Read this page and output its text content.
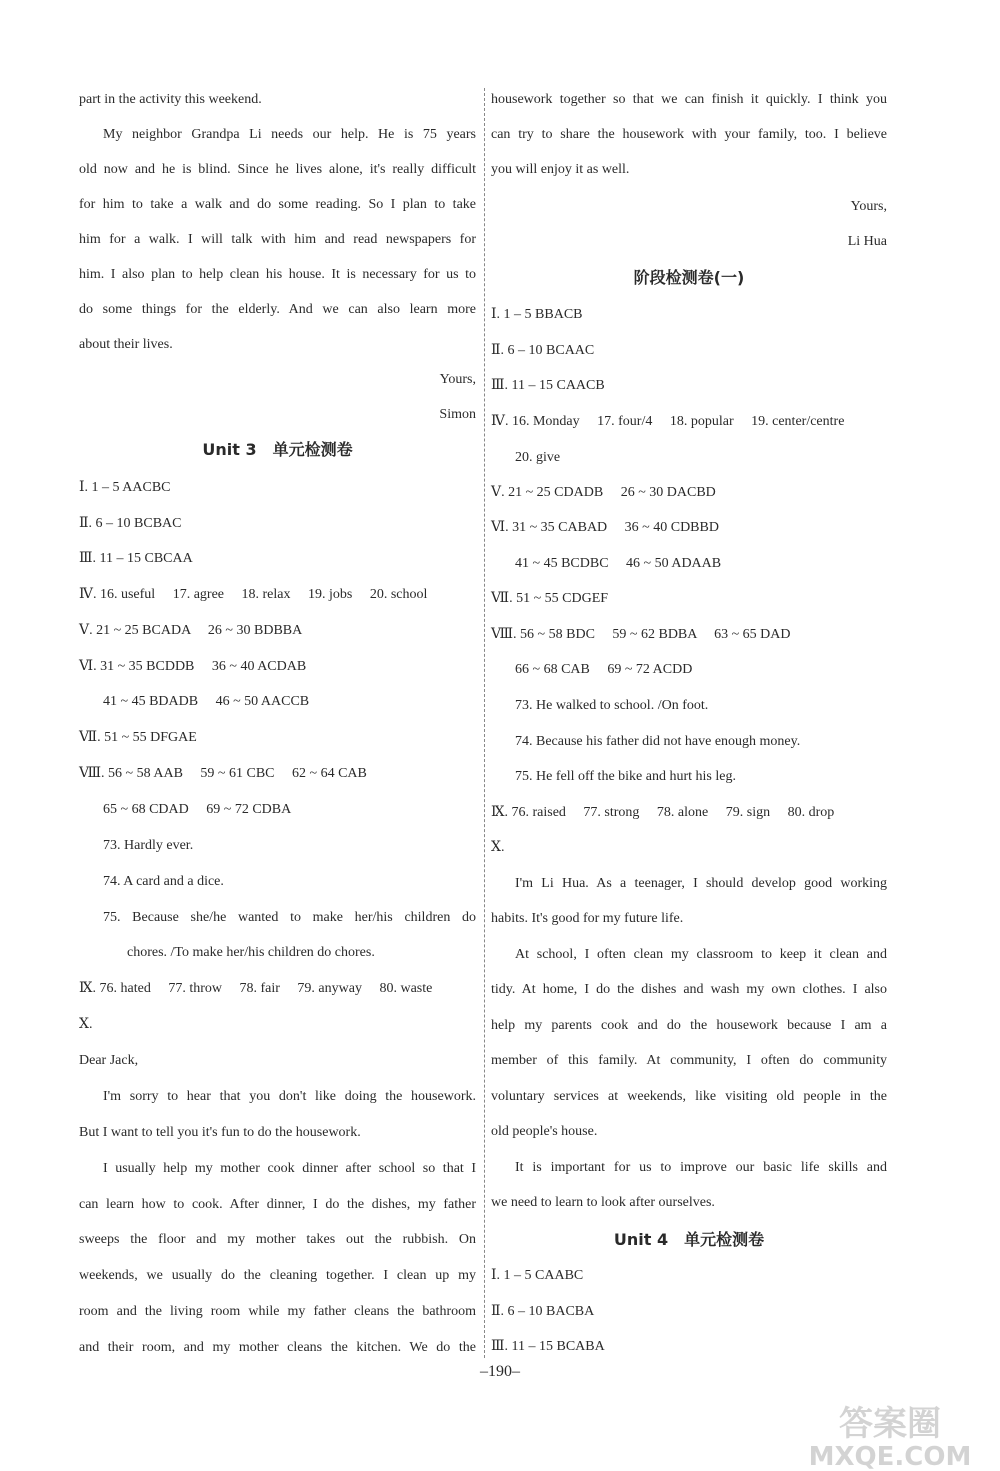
part in the activity this weekend.
My neighbor Grandpa Li needs our help. He is 75 years
old now and he is blind. Since he lives alone, it's really difficult
for him to take a walk and do some reading. So I plan to take
him for a walk. I will talk with him and read newspapers for
him. I also plan to help clean his house. It is necessary for us to
do some things for the elderly. And we can also learn more
about their lives.
Yours,
Simon
Unit 3　单元检测卷
Ⅰ. 1 – 5 AACBC
Ⅱ. 6 – 10 BCBAC
Ⅲ. 11 – 15 CBCAA
Ⅳ. 16. useful　 17. agree　 18. relax　 19. jobs　 20. school
Ⅴ. 21 ~ 25 BCADA　 26 ~ 30 BDBBA
Ⅵ. 31 ~ 35 BCDDB　 36 ~ 40 ACDAB
41 ~ 45 BDADB　 46 ~ 50 AACCB
Ⅶ. 51 ~ 55 DFGAE
Ⅷ. 56 ~ 58 AAB　 59 ~ 61 CBC　 62 ~ 64 CAB
65 ~ 68 CDAD　 69 ~ 72 CDBA
73. Hardly ever.
74. A card and a dice.
75. Because she/he wanted to make her/his children do
chores. /To make her/his children do chores.
Ⅸ. 76. hated　 77. throw　 78. fair　 79. anyway　 80. waste
Ⅹ.
Dear Jack,
I'm sorry to hear that you don't like doing the housework.
But I want to tell you it's fun to do the housework.
I usually help my mother cook dinner after school so that I
can learn how to cook. After dinner, I do the dishes, my father
sweeps the floor and my mother takes out the rubbish. On
weekends, we usually do the cleaning together. I clean up my
room and the living room while my father cleans the bathroom
and their room, and my mother cleans the kitchen. We do the
housework together so that we can finish it quickly. I think you
can try to share the housework with your family, too. I believe
you will enjoy it as well.
Yours,
Li Hua
阶段检测卷(一)
Ⅰ. 1 – 5 BBACB
Ⅱ. 6 – 10 BCAAC
Ⅲ. 11 – 15 CAACB
Ⅳ. 16. Monday　 17. four/4　 18. popular　 19. center/centre
20. give
Ⅴ. 21 ~ 25 CDADB　 26 ~ 30 DACBD
Ⅵ. 31 ~ 35 CABAD　 36 ~ 40 CDBBD
41 ~ 45 BCDBC　 46 ~ 50 ADAAB
Ⅶ. 51 ~ 55 CDGEF
Ⅷ. 56 ~ 58 BDC　 59 ~ 62 BDBA　 63 ~ 65 DAD
66 ~ 68 CAB　 69 ~ 72 ACDD
73. He walked to school. /On foot.
74. Because his father did not have enough money.
75. He fell off the bike and hurt his leg.
Ⅸ. 76. raised　 77. strong　 78. alone　 79. sign　 80. drop
Ⅹ.
I'm Li Hua. As a teenager, I should develop good working
habits. It's good for my future life.
At school, I often clean my classroom to keep it clean and
tidy. At home, I do the dishes and wash my own clothes. I also
help my parents cook and do the housework because I am a
member of this family. At community, I often do community
voluntary services at weekends, like visiting old people in the
old people's house.
It is important for us to improve our basic life skills and
we need to learn to look after ourselves.
Unit 4　单元检测卷
Ⅰ. 1 – 5 CAABC
Ⅱ. 6 – 10 BACBA
Ⅲ. 11 – 15 BCABA
–190–
答案圈
MXQE.COM
